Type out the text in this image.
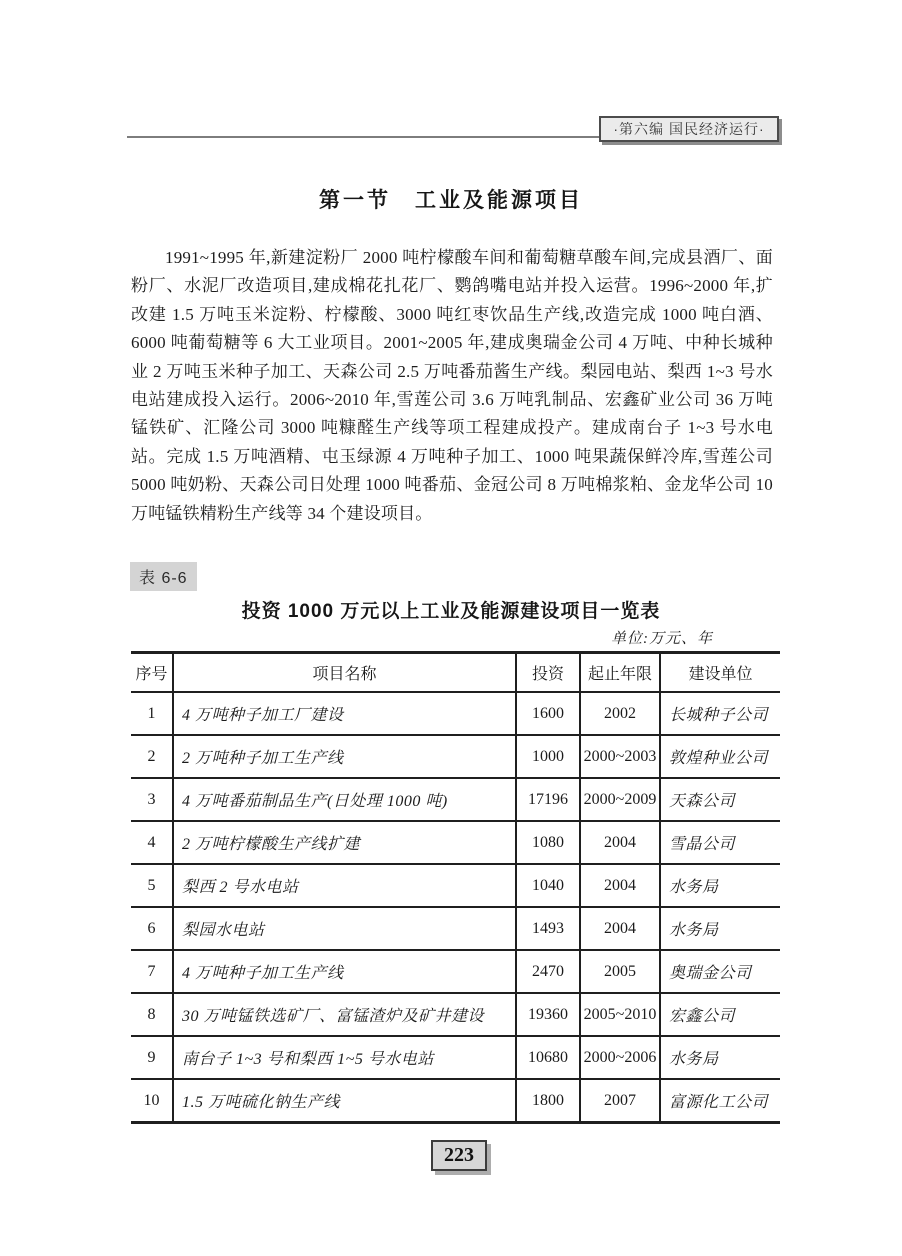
·第六编 国民经济运行·
第一节　工业及能源项目
1991~1995 年,新建淀粉厂 2000 吨柠檬酸车间和葡萄糖草酸车间,完成县酒厂、面粉厂、水泥厂改造项目,建成棉花扎花厂、鹦鸽嘴电站并投入运营。1996~2000 年,扩改建 1.5 万吨玉米淀粉、柠檬酸、3000 吨红枣饮品生产线,改造完成 1000 吨白酒、6000 吨葡萄糖等 6 大工业项目。2001~2005 年,建成奥瑞金公司 4 万吨、中种长城种业 2 万吨玉米种子加工、天森公司 2.5 万吨番茄酱生产线。梨园电站、梨西 1~3 号水电站建成投入运行。2006~2010 年,雪莲公司 3.6 万吨乳制品、宏鑫矿业公司 36 万吨锰铁矿、汇隆公司 3000 吨糠醛生产线等项工程建成投产。建成南台子 1~3 号水电站。完成 1.5 万吨酒精、屯玉绿源 4 万吨种子加工、1000 吨果蔬保鲜冷库,雪莲公司 5000 吨奶粉、天森公司日处理 1000 吨番茄、金冠公司 8 万吨棉浆粕、金龙华公司 10 万吨锰铁精粉生产线等 34 个建设项目。
表 6-6
投资 1000 万元以上工业及能源建设项目一览表
单位:万元、年
序号	项目名称	投资	起止年限	建设单位
1	4 万吨种子加工厂建设	1600	2002	长城种子公司
2	2 万吨种子加工生产线	1000	2000~2003	敦煌种业公司
3	4 万吨番茄制品生产(日处理 1000 吨)	17196	2000~2009	天森公司
4	2 万吨柠檬酸生产线扩建	1080	2004	雪晶公司
5	梨西 2 号水电站	1040	2004	水务局
6	梨园水电站	1493	2004	水务局
7	4 万吨种子加工生产线	2470	2005	奥瑞金公司
8	30 万吨锰铁选矿厂、富锰渣炉及矿井建设	19360	2005~2010	宏鑫公司
9	南台子 1~3 号和梨西 1~5 号水电站	10680	2000~2006	水务局
10	1.5 万吨硫化钠生产线	1800	2007	富源化工公司
223
